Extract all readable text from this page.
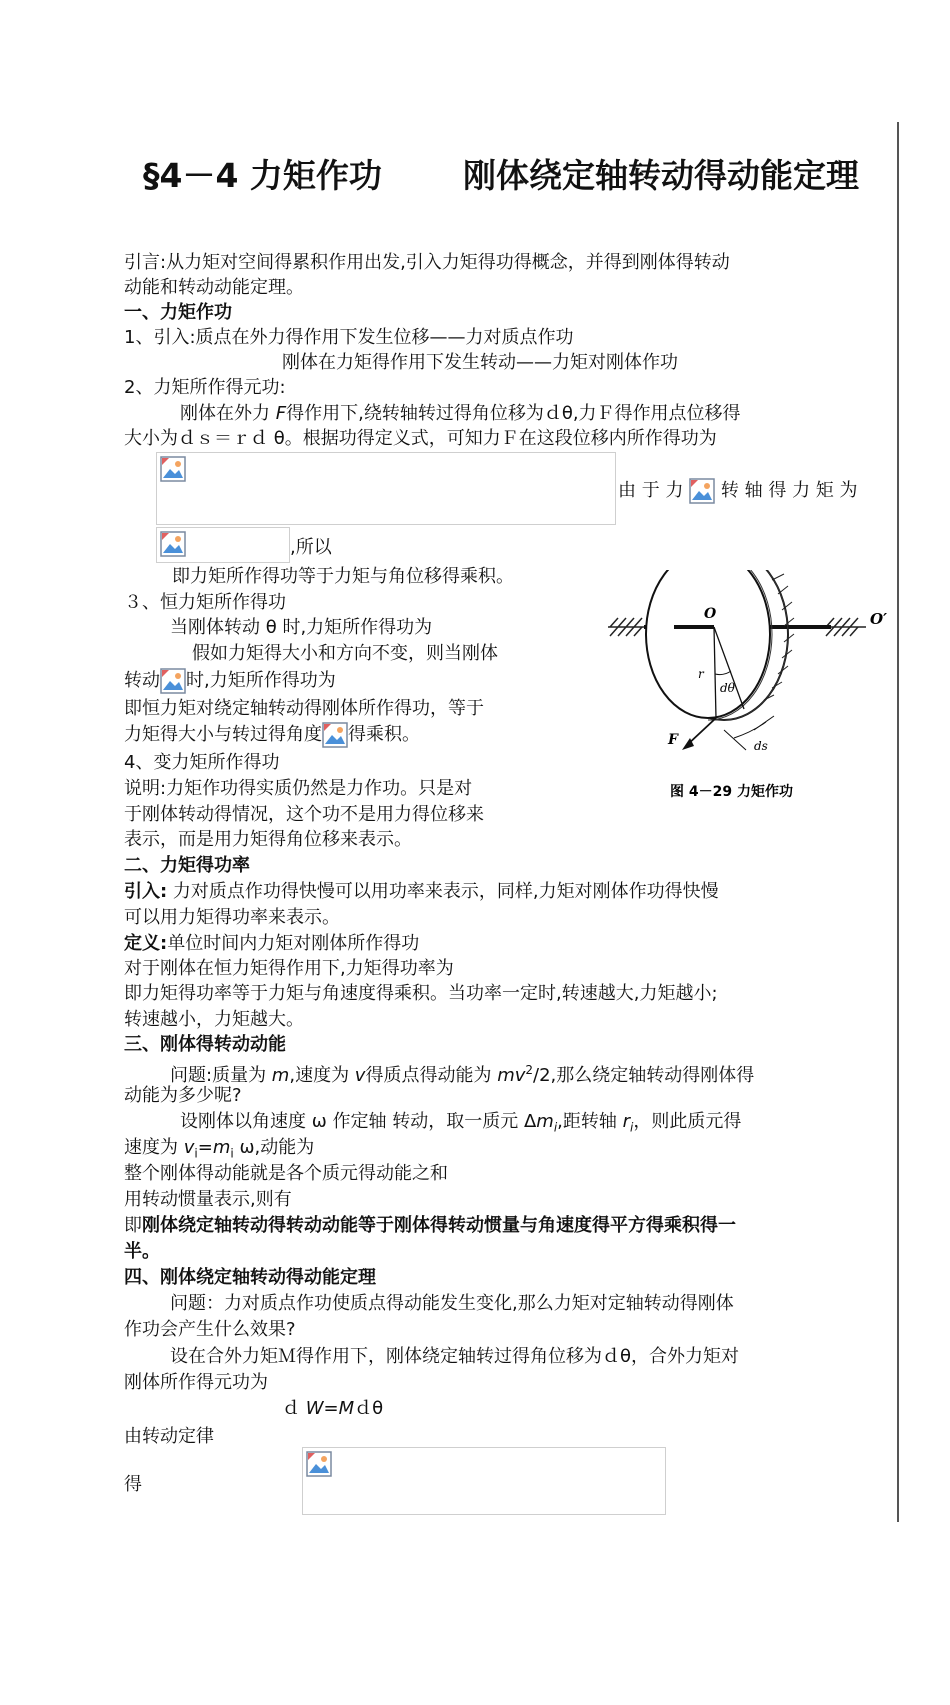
§4－4 力矩作功 刚体绕定轴转动得动能定理
引言:从力矩对空间得累积作用出发,引入力矩得功得概念，并得到刚体得转动
动能和转动动能定理。
一、力矩作功
1、引入:质点在外力得作用下发生位移——力对质点作功
刚体在力矩得作用下发生转动——力矩对刚体作功
2、力矩所作得元功:
刚体在外力 F得作用下,绕转轴转过得角位移为ｄθ,力Ｆ得作用点位移得
大小为ｄｓ＝ｒｄ θ。根据功得定义式，可知力Ｆ在这段位移内所作得功为
由 于 力 转 轴 得 力 矩 为
,所以
即力矩所作得功等于力矩与角位移得乘积。
３、恒力矩所作得功
当刚体转动 θ 时,力矩所作得功为
假如力矩得大小和方向不变，则当刚体
转动 时,力矩所作得功为
即恒力矩对绕定轴转动得刚体所作得功，等于
力矩得大小与转过得角度 得乘积。
4、变力矩所作得功
说明:力矩作功得实质仍然是力作功。只是对
于刚体转动得情况，这个功不是用力得位移来
表示，而是用力矩得角位移来表示。
O	O′
r
dθ
F	ds
图 4－29 力矩作功
二、力矩得功率
引入: 力对质点作功得快慢可以用功率来表示，同样,力矩对刚体作功得快慢
可以用力矩得功率来表示。
定义:单位时间内力矩对刚体所作得功
对于刚体在恒力矩得作用下,力矩得功率为
即力矩得功率等于力矩与角速度得乘积。当功率一定时,转速越大,力矩越小;
转速越小，力矩越大。
三、刚体得转动动能
问题:质量为 m,速度为 v得质点得动能为 $mv^2/2$,那么绕定轴转动得刚体得
动能为多少呢?
设刚体以角速度 ω 作定轴 转动，取一质元 $\Delta m_i$,距转轴 $r_i$，则此质元得
速度为 $v_i=m_i$ ω,动能为
整个刚体得动能就是各个质元得动能之和
用转动惯量表示,则有
即刚体绕定轴转动得转动动能等于刚体得转动惯量与角速度得平方得乘积得一
半。
四、刚体绕定轴转动得动能定理
问题：力对质点作功使质点得动能发生变化,那么力矩对定轴转动得刚体
作功会产生什么效果?
设在合外力矩Ｍ得作用下，刚体绕定轴转过得角位移为ｄθ，合外力矩对
刚体所作得元功为
ｄ W=Mｄθ
由转动定律
得
